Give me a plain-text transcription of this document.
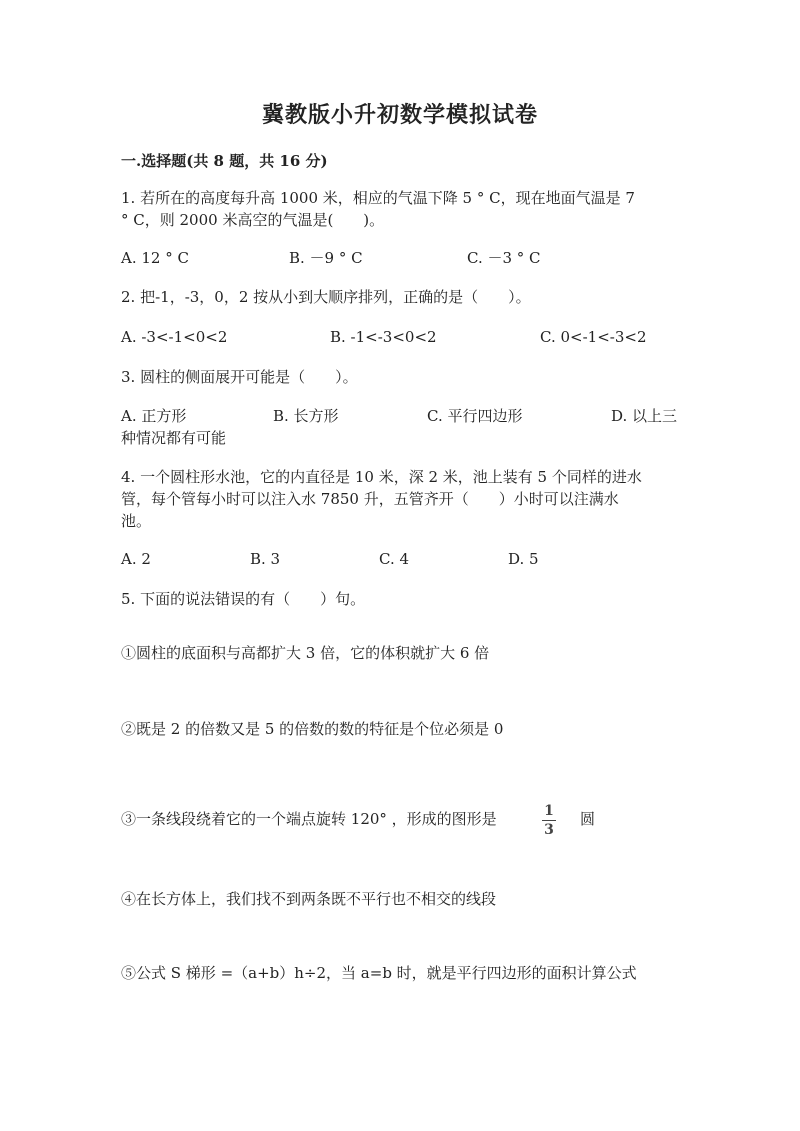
冀教版小升初数学模拟试卷
一.选择题(共 8 题，共 16 分)
1. 若所在的高度每升高 1000 米，相应的气温下降 5 ° C，现在地面气温是 7
° C，则 2000 米高空的气温是(　　)。
A. 12 ° C	B. －9 ° C	C. －3 ° C
2. 把-1，-3，0，2 按从小到大顺序排列，正确的是（　　）。
A. -3<-1<0<2	B. -1<-3<0<2	C. 0<-1<-3<2
3. 圆柱的侧面展开可能是（　　）。
A. 正方形	B. 长方形	C. 平行四边形	D. 以上三
种情况都有可能
4. 一个圆柱形水池，它的内直径是 10 米，深 2 米，池上装有 5 个同样的进水
管，每个管每小时可以注入水 7850 升，五管齐开（　　）小时可以注满水
池。
A. 2	B. 3	C. 4	D. 5
5. 下面的说法错误的有（　　）句。
①圆柱的底面积与高都扩大 3 倍，它的体积就扩大 6 倍
②既是 2 的倍数又是 5 的倍数的数的特征是个位必须是 0
③一条线段绕着它的一个端点旋转 120° ，形成的图形是	1
3
圆
④在长方体上，我们找不到两条既不平行也不相交的线段
⑤公式 S 梯形 =（a+b）h÷2，当 a=b 时，就是平行四边形的面积计算公式
